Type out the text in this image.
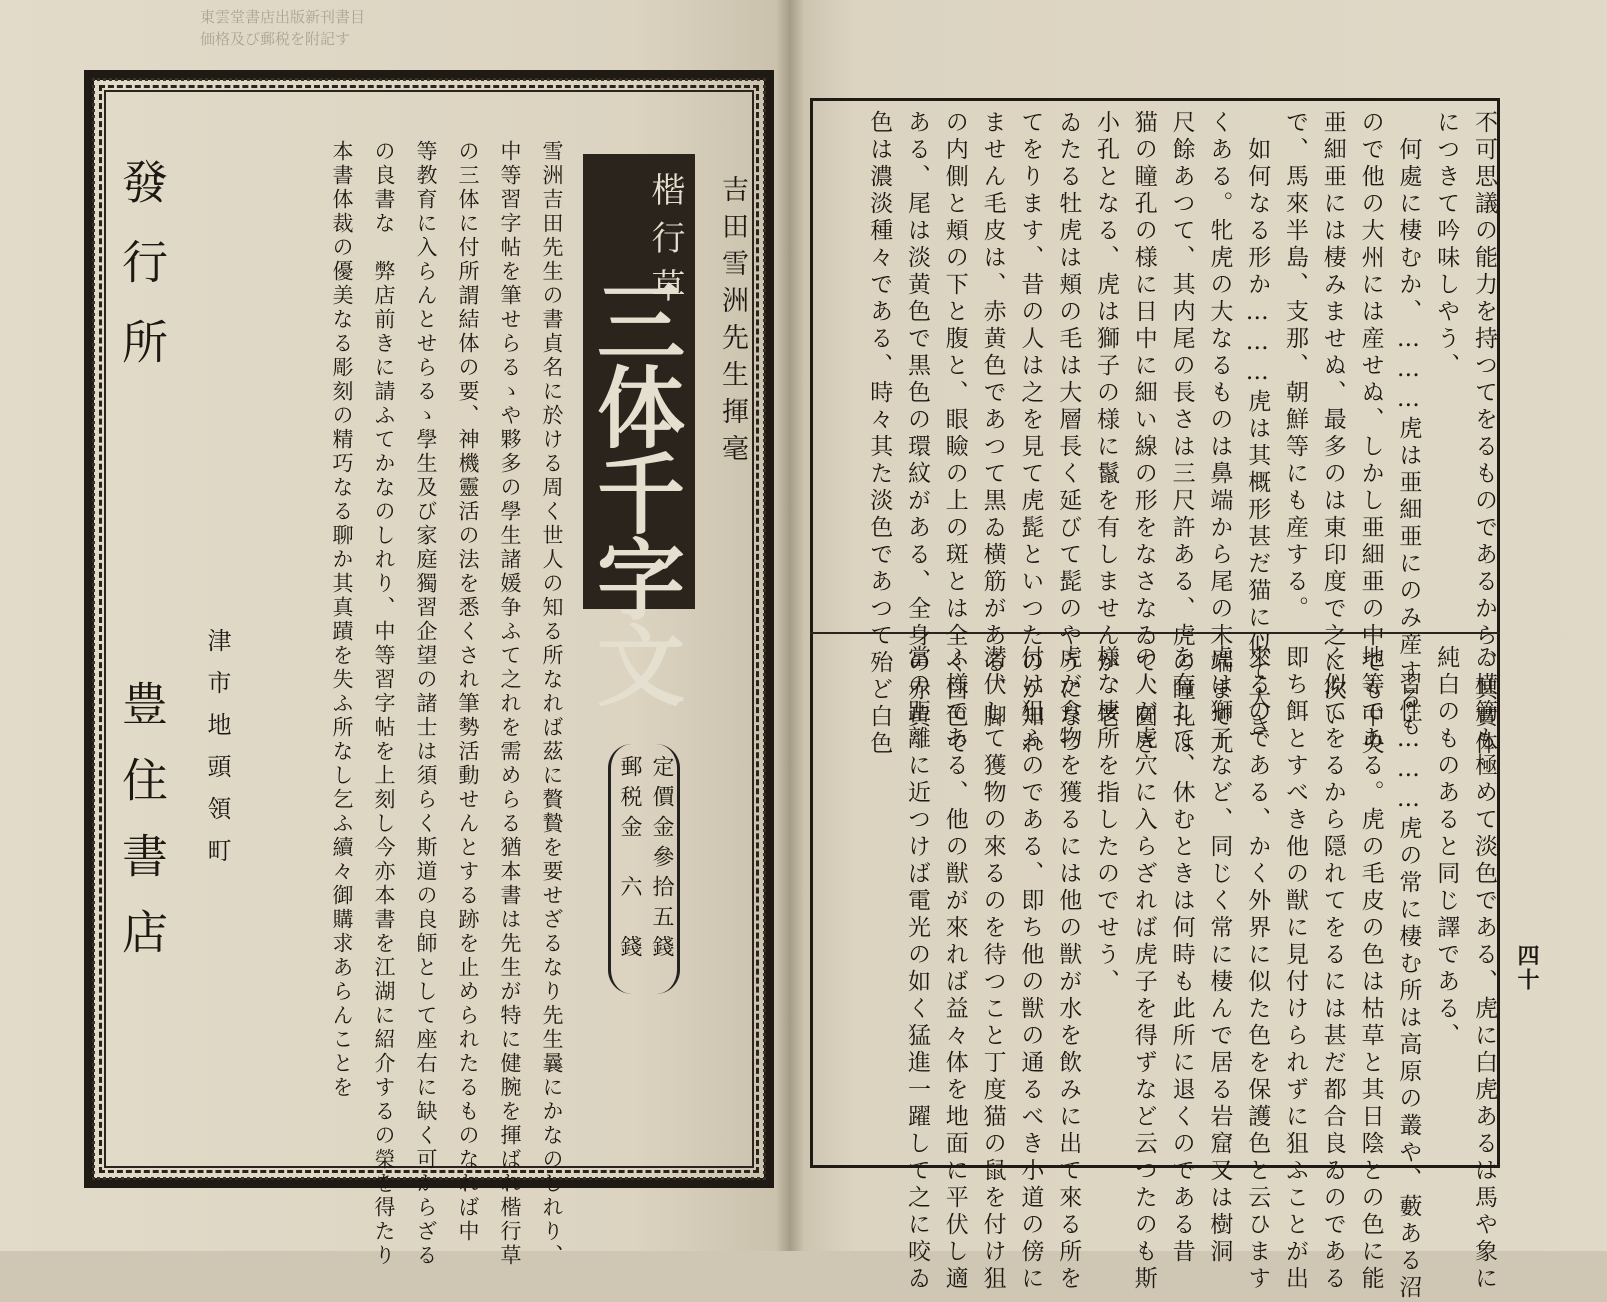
東雲堂書店出版新刊書目
価格及び郵税を附記す
吉田雪洲先生揮毫
楷行草
三体千字文
雪洲吉田先生の書貞名に於ける周く世人の知る所なれば茲に贅贄を要せざるなり先生曩にかなのしれり、
中等習字帖を筆せらるゝや夥多の學生諸媛争ふて之れを需めらる猶本書は先生が特に健腕を揮ばれ楷行草
の三体に付所謂結体の要、神機靈活の法を悉くされ筆勢活動せんとする跡を止められたるものなれば中
等教育に入らんとせらるゝ學生及び家庭獨習企望の諸士は須らく斯道の良師として座右に缺く可からざる
の良書な　弊店前きに請ふてかなのしれり、中等習字帖を上刻し今亦本書を江湖に紹介するの榮を得たり
本書体裁の優美なる彫刻の精巧なる聊か其真蹟を失ふ所なし乞ふ續々御購求あらんことを	定價金參拾五錢
郵税金　六　錢
津市地頭領町
發行所
豊住書店	四十
不可思議の能力を持つてをるものであるから、其實体
につきて吟味しやう、
　何處に棲むか、………虎は亜細亜にのみ産するも
ので他の大州には産せぬ、しかし亜細亜の中でも中央
亜細亜には棲みませぬ、最多のは東印度で之に次い
で、馬來半島、支那、朝鮮等にも産する。
　如何なる形か………虎は其概形甚だ猫に似て大き
くある。牝虎の大なるものは鼻端から尾の末端まで九
尺餘あつて、其内尾の長さは三尺許ある、虎の瞳孔は
猫の瞳孔の様に日中に細い線の形をなさなゐて、圓き
小孔となる、虎は獅子の様に鬣を有しませんが、老
ゐたる牡虎は頬の毛は大層長く延びて髭のやうになつ
てをります、昔の人は之を見て虎髭といつたのか知れ
ません毛皮は、赤黄色であつて黒ゐ横筋がある、脚
の内側と頬の下と腹と、眼瞼の上の斑とは全く白色で
ある、尾は淡黄色で黒色の環紋がある、全身の赤黄
色は濃淡種々である、時々其た淡色であつて殆ど白色
ゐ横筋も極めて淡色である、虎に白虎あるは馬や象に
純白のものあると同じ譯である、
　習性………虎の常に棲む所は高原の叢や、藪ある沼
地等である。虎の毛皮の色は枯草と其日陰との色に能
く似てをるから隠れてをるには甚だ都合良ゐのである
即ち餌とすべき他の獣に見付けられずに狙ふことが出
來るのである、かく外界に似た色を保護色と云ひます
虎は獅子など、同じく常に棲んで居る岩窟又は樹洞
を有して、休むときは何時も此所に退くのである昔
の人が虎穴に入らざれば虎子を得ずなど云つたのも斯
様な棲所を指したのでせう、
虎が食物を獲るには他の獣が水を飲みに出て來る所を
付け狙ふのである、即ち他の獣の通るべき小道の傍に
潜伏して獲物の來るのを待つこと丁度猫の鼠を付け狙
ふ様である、他の獣が來れば益々体を地面に平伏し適
當の距離に近つけば電光の如く猛進一躍して之に咬ゐ
